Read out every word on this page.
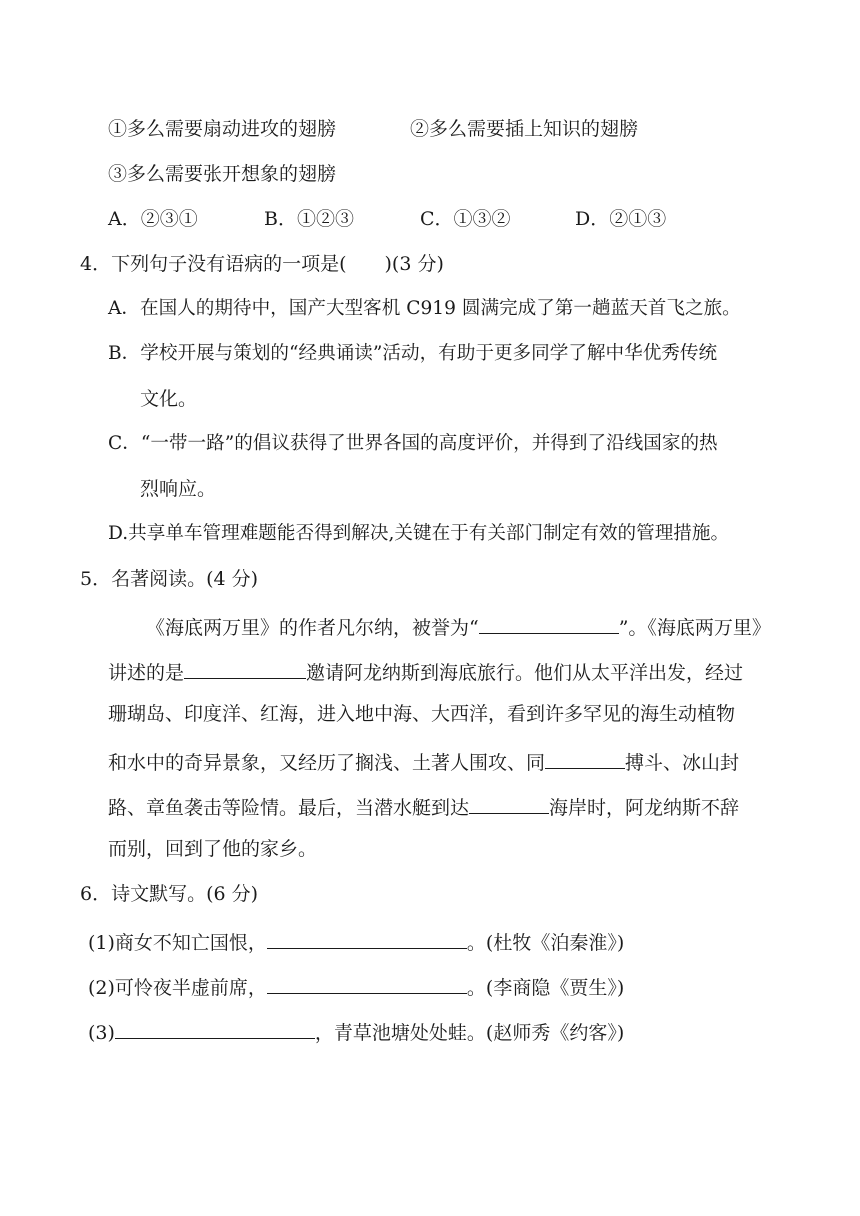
①多么需要扇动进攻的翅膀	②多么需要插上知识的翅膀
③多么需要张开想象的翅膀
A．②③①	B．①②③	C．①③②	D．②①③
4．下列句子没有语病的一项是(　　)(3 分)
A．在国人的期待中，国产大型客机 C919 圆满完成了第一趟蓝天首飞之旅。
B．学校开展与策划的“经典诵读”活动，有助于更多同学了解中华优秀传统
文化。
C．“一带一路”的倡议获得了世界各国的高度评价，并得到了沿线国家的热
烈响应。
D.共享单车管理难题能否得到解决,关键在于有关部门制定有效的管理措施。
5．名著阅读。(4 分)
《海底两万里》的作者凡尔纳，被誉为“	”。《海底两万里》
讲述的是	邀请阿龙纳斯到海底旅行。他们从太平洋出发，经过
珊瑚岛、印度洋、红海，进入地中海、大西洋，看到许多罕见的海生动植物
和水中的奇异景象，又经历了搁浅、土著人围攻、同	搏斗、冰山封
路、章鱼袭击等险情。最后，当潜水艇到达	海岸时，阿龙纳斯不辞
而别，回到了他的家乡。
6．诗文默写。(6 分)
(1)商女不知亡国恨，	。(杜牧《泊秦淮》)
(2)可怜夜半虚前席，	。(李商隐《贾生》)
(3)	，青草池塘处处蛙。(赵师秀《约客》)
